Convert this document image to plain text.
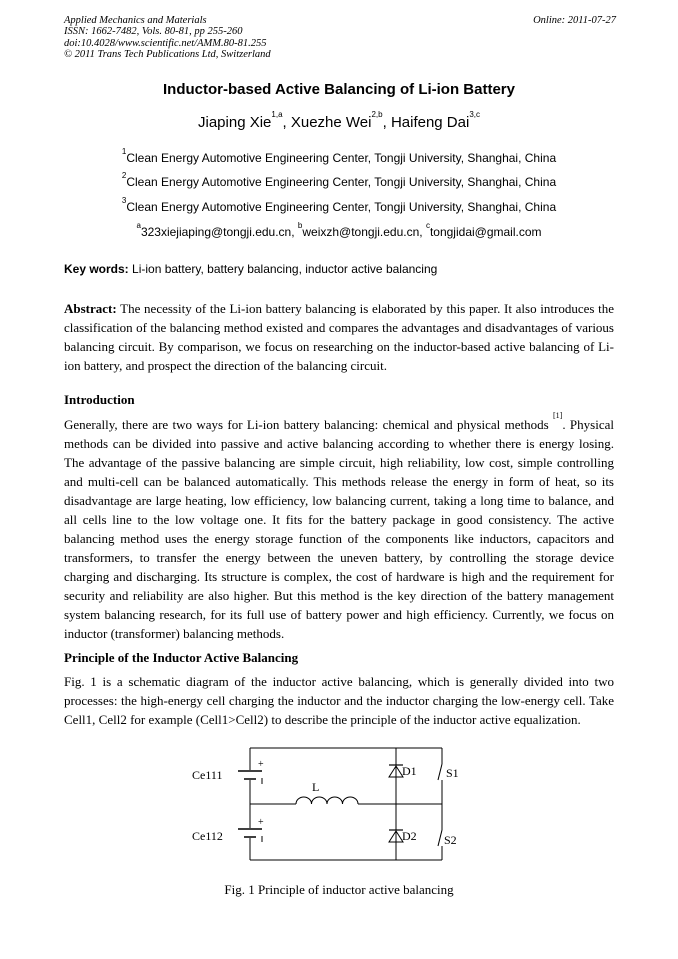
Applied Mechanics and Materials
ISSN: 1662-7482, Vols. 80-81, pp 255-260
doi:10.4028/www.scientific.net/AMM.80-81.255
© 2011 Trans Tech Publications Ltd, Switzerland
Online: 2011-07-27
Inductor-based Active Balancing of Li-ion Battery
Jiaping Xie$^{1,a}$, Xuezhe Wei$^{2,b}$, Haifeng Dai$^{3,c}$
$^1$Clean Energy Automotive Engineering Center, Tongji University, Shanghai, China
$^2$Clean Energy Automotive Engineering Center, Tongji University, Shanghai, China
$^3$Clean Energy Automotive Engineering Center, Tongji University, Shanghai, China
$^a$323xiejiaping@tongji.edu.cn, $^b$weixzh@tongji.edu.cn, $^c$tongjidai@gmail.com
Key words: Li-ion battery, battery balancing, inductor active balancing
Abstract: The necessity of the Li-ion battery balancing is elaborated by this paper. It also introduces the classification of the balancing method existed and compares the advantages and disadvantages of various balancing circuit. By comparison, we focus on researching on the inductor-based active balancing of Li-ion battery, and prospect the direction of the balancing circuit.
Introduction
Generally, there are two ways for Li-ion battery balancing: chemical and physical methods [1]. Physical methods can be divided into passive and active balancing according to whether there is energy losing. The advantage of the passive balancing are simple circuit, high reliability, low cost, simple controlling and multi-cell can be balanced automatically. This methods release the energy in form of heat, so its disadvantage are large heating, low efficiency, low balancing current, taking a long time to balance, and all cells line to the low voltage one. It fits for the battery package in good consistency. The active balancing method uses the energy storage function of the components like inductors, capacitors and transformers, to transfer the energy between the uneven battery, by controlling the storage device charging and discharging. Its structure is complex, the cost of hardware is high and the requirement for security and reliability are also higher. But this method is the key direction of the battery management system balancing research, for its full use of battery power and high efficiency. Currently, we focus on inductor (transformer) balancing methods.
Principle of the Inductor Active Balancing
Fig. 1 is a schematic diagram of the inductor active balancing, which is generally divided into two processes: the high-energy cell charging the inductor and the inductor charging the low-energy cell. Take Cell1, Cell2 for example (Cell1>Cell2) to describe the principle of the inductor active equalization.
Ce111
Ce112
L
D1
D2
S1
S2
+
+
Fig. 1 Principle of inductor active balancing
